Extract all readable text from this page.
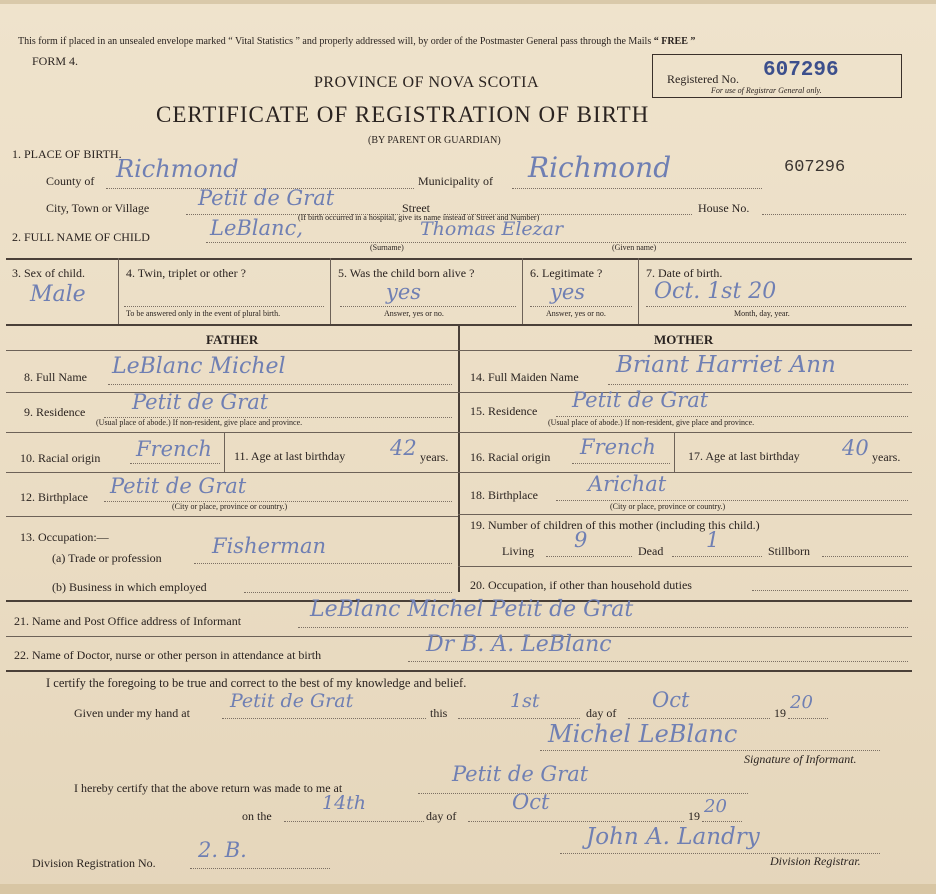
This form if placed in an unsealed envelope marked “ Vital Statistics ” and properly addressed will, by order of the Postmaster General pass through the Mails “ FREE ”
FORM 4.
PROVINCE OF NOVA SCOTIA
CERTIFICATE OF REGISTRATION OF BIRTH
(BY PARENT OR GUARDIAN)
Registered No. 607296
For use of Registrar General only.
1. PLACE OF BIRTH.
County of Richmond	Municipality of Richmond	607296
City, Town or Village Petit de Grat	Street	House No.
(If birth occurred in a hospital, give its name instead of Street and Number)
2. FULL NAME OF CHILD	LeBlanc,	Thomas Elezar
(Surname)	(Given name)
3. Sex of child.
Male
4. Twin, triplet or other ?
To be answered only in the event of plural birth.
5. Was the child born alive ?
yes
Answer, yes or no.
6. Legitimate ?
yes
Answer, yes or no.
7. Date of birth.
Oct. 1st 20
Month, day, year.
FATHER	MOTHER
8. Full Name LeBlanc Michel
9. Residence Petit de Grat
(Usual place of abode.) If non-resident, give place and province.
10. Racial origin French 11. Age at last birthday 42 years.
12. Birthplace Petit de Grat
(City or place, province or country.)
13. Occupation:—
(a) Trade or profession Fisherman
(b) Business in which employed
14. Full Maiden Name Briant Harriet Ann
15. Residence Petit de Grat
(Usual place of abode.) If non-resident, give place and province.
16. Racial origin French	17. Age at last birthday 40 years.
18. Birthplace Arichat
(City or place, province or country.)
19. Number of children of this mother (including this child.)
Living 9	Dead 1	Stillborn
20. Occupation, if other than household duties
21. Name and Post Office address of Informant	LeBlanc Michel Petit de Grat
22. Name of Doctor, nurse or other person in attendance at birth	Dr B. A. LeBlanc
I certify the foregoing to be true and correct to the best of my knowledge and belief.
Given under my hand at
Petit de Grat
this
1st
day of
Oct
19 20
Michel LeBlanc
Signature of Informant.
I hereby certify that the above return was made to me at
Petit de Grat
on the
14th
day of
Oct
19 20
Division Registration No.
2. B.	John A. Landry
Division Registrar.
